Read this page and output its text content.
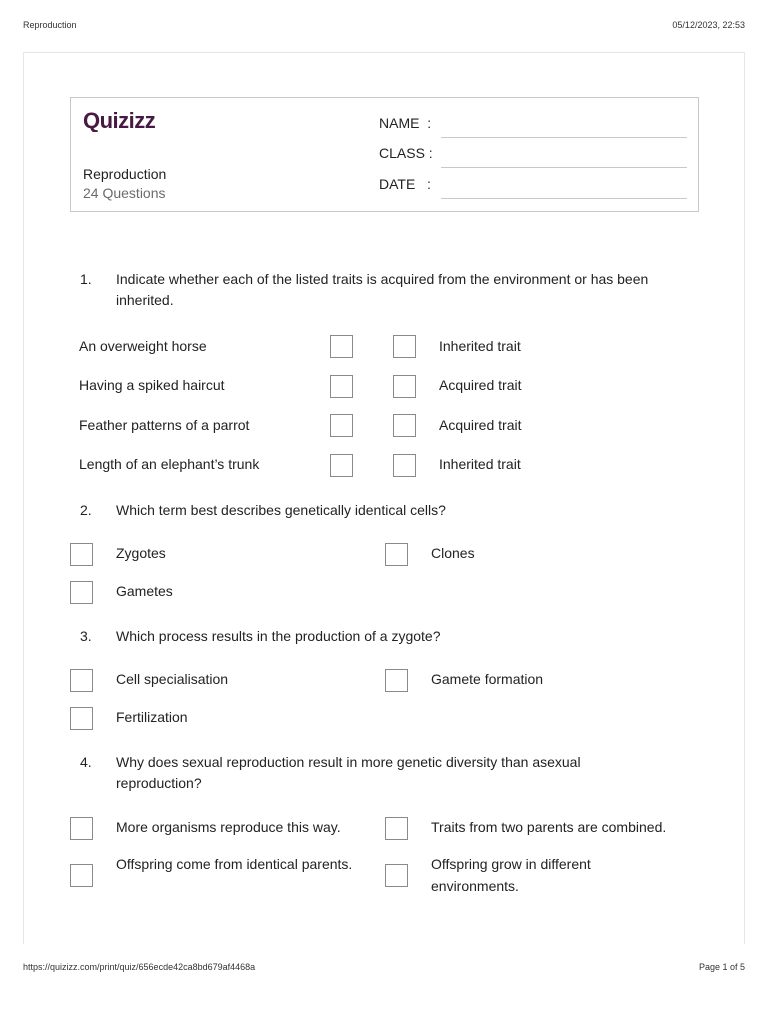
Reproduction	05/12/2023, 22:53
Quizizz
Reproduction
24 Questions
NAME  :
CLASS :
DATE   :
1. Indicate whether each of the listed traits is acquired from the environment or has been inherited.
An overweight horse	Inherited trait
Having a spiked haircut	Acquired trait
Feather patterns of a parrot	Acquired trait
Length of an elephant’s trunk	Inherited trait
2. Which term best describes genetically identical cells?
Zygotes	Clones
Gametes
3. Which process results in the production of a zygote?
Cell specialisation	Gamete formation
Fertilization
4. Why does sexual reproduction result in more genetic diversity than asexual reproduction?
More organisms reproduce this way.	Traits from two parents are combined.
Offspring come from identical parents.	Offspring grow in different environments.
https://quizizz.com/print/quiz/656ecde42ca8bd679af4468a	Page 1 of 5
